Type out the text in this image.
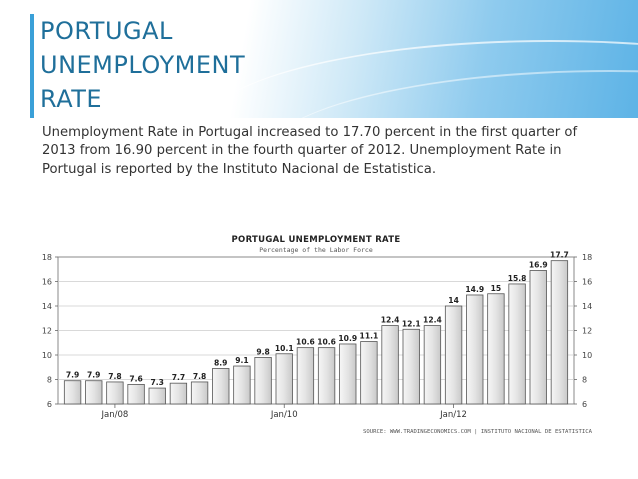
PORTUGAL
UNEMPLOYMENT
RATE
Unemployment Rate in Portugal increased to 17.70 percent in the first quarter of 2013 from 16.90 percent in the fourth quarter of 2012. Unemployment Rate in Portugal is reported by the Instituto Nacional de Estatistica.
6	6
8	8
10	10
12	12
14	14
16	16
18	18
7.9 7.9 7.8 7.6 7.3
7.7 7.8
8.9 9.1
9.8 10.1
10.6 10.6 10.9 11.1
12.4 12.1 12.4
14
14.9 15
15.8
16.9
17.7
Jan/08	Jan/10	Jan/12
PORTUGAL UNEMPLOYMENT RATE
Percentage of the Labor Force
SOURCE: WWW.TRADINGECONOMICS.COM | INSTITUTO NACIONAL DE ESTATISTICA
